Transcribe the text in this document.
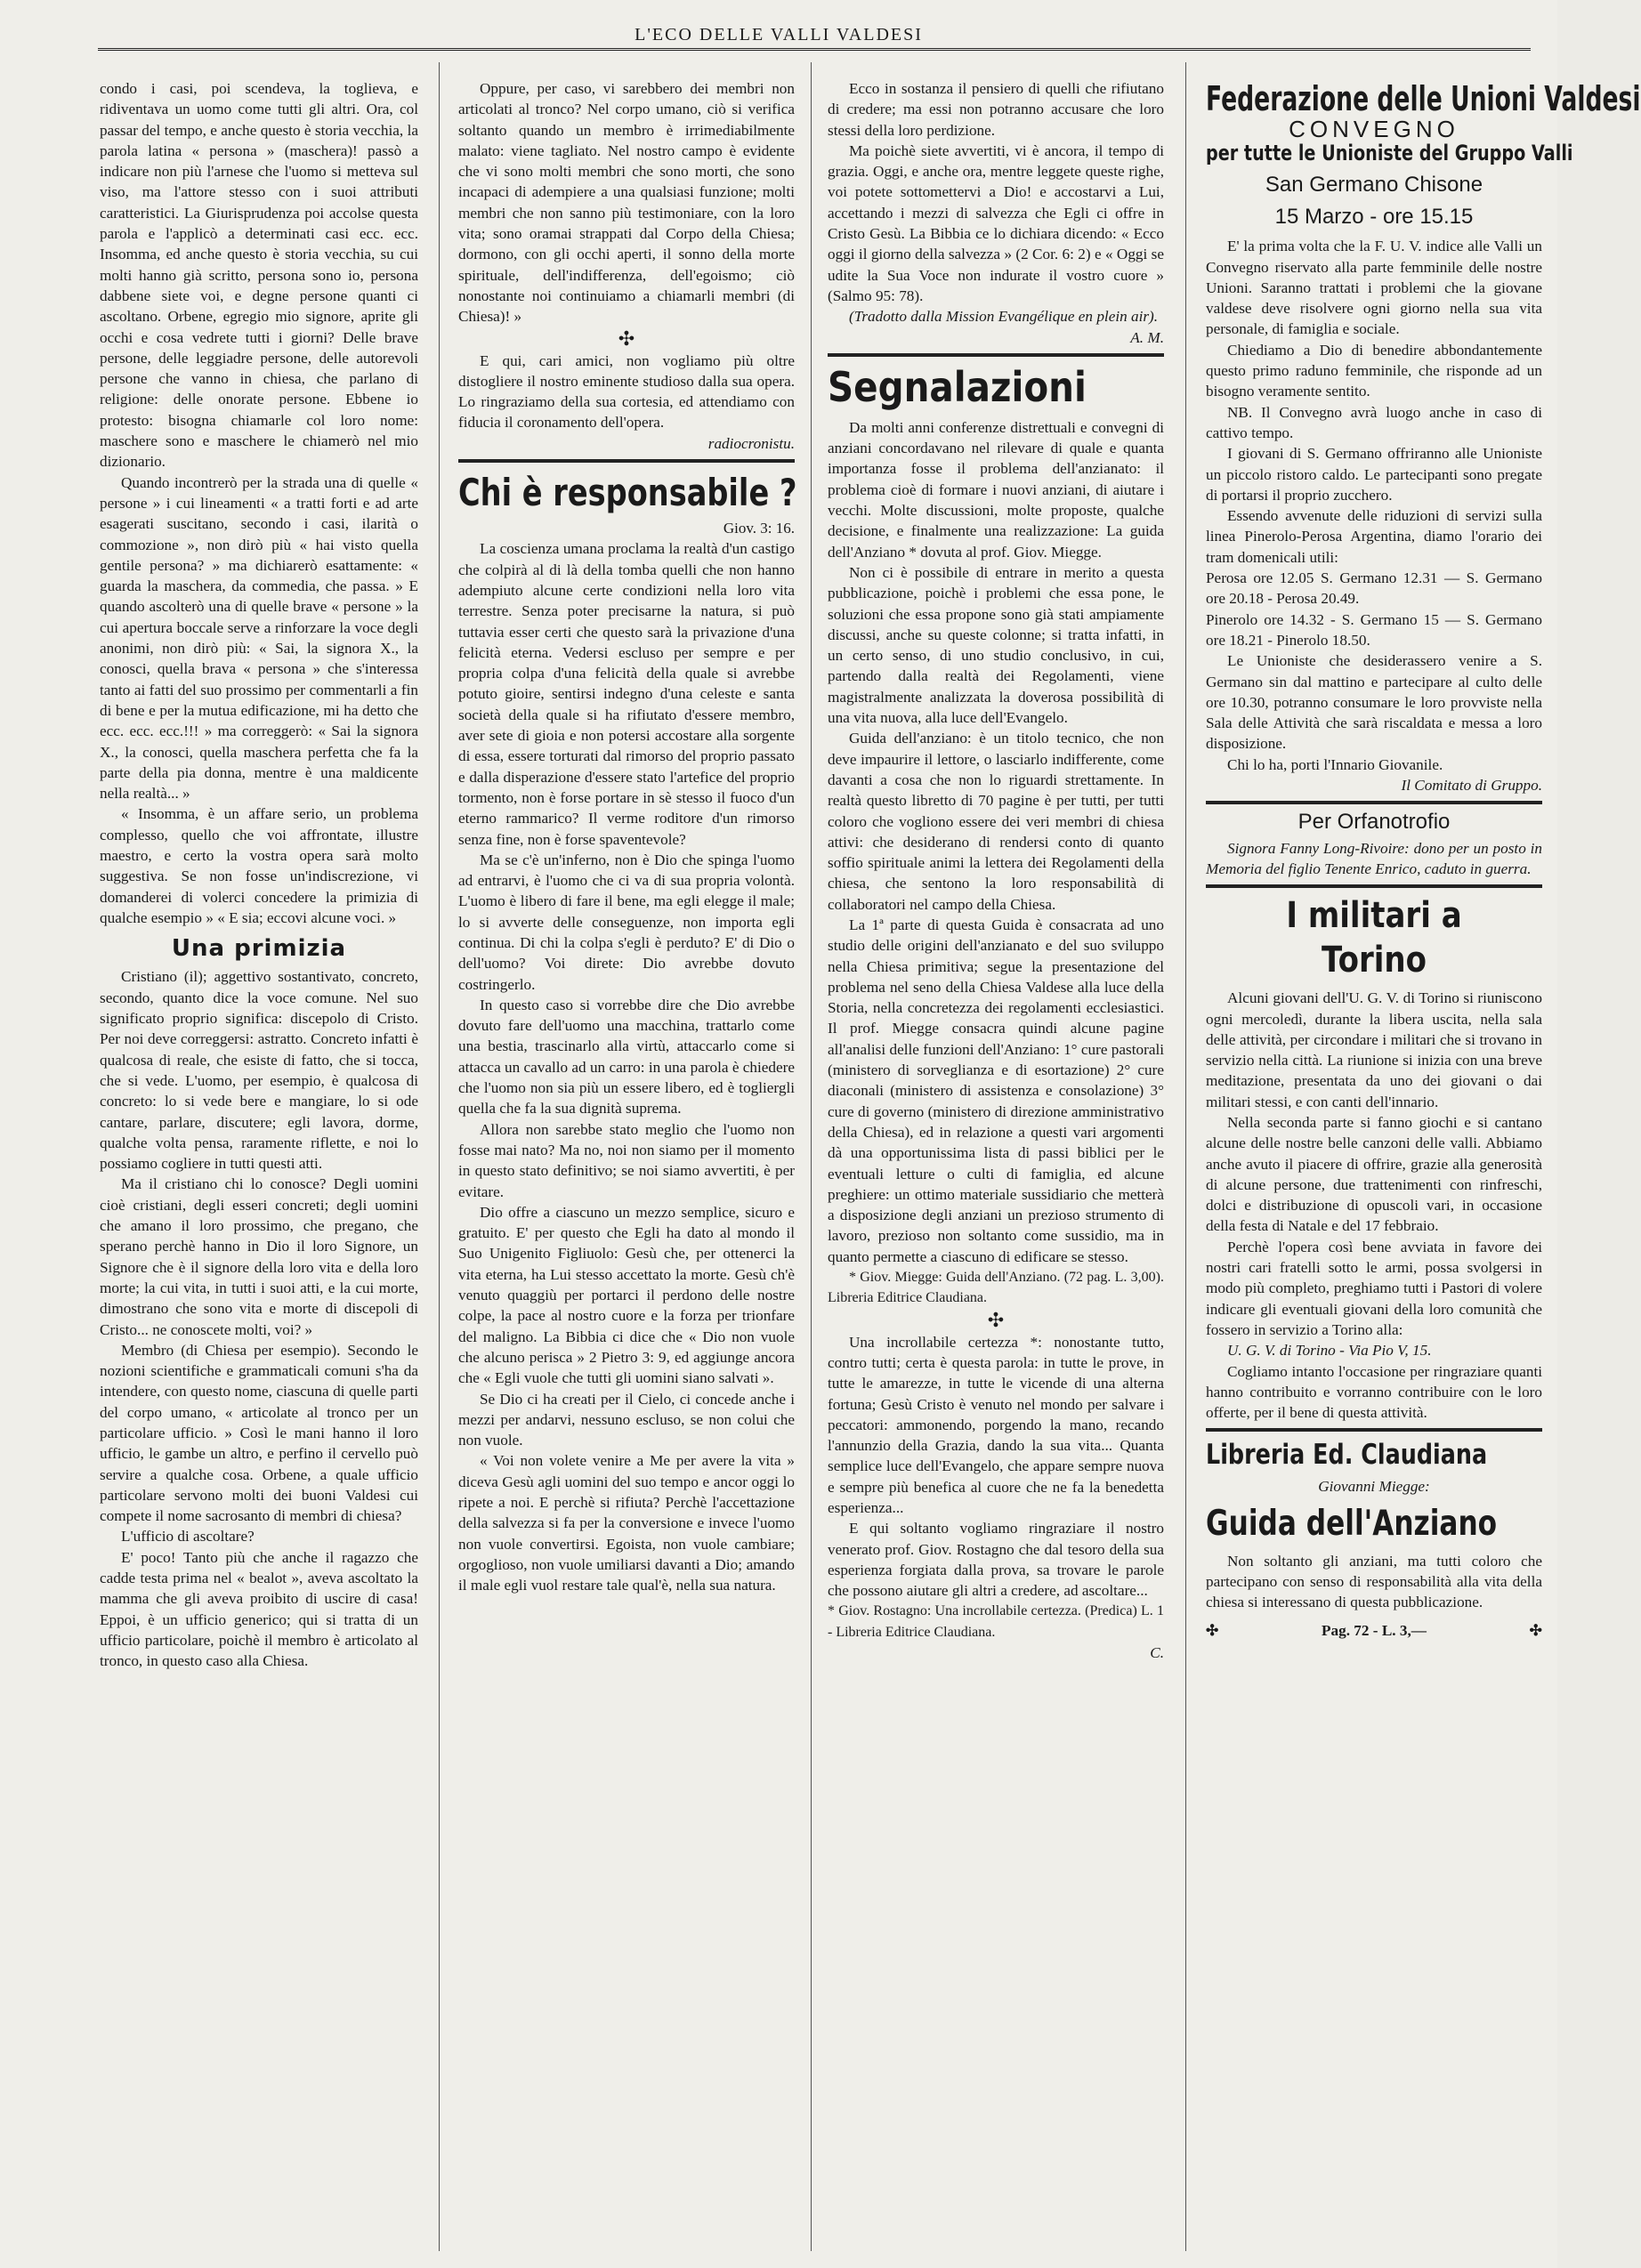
L'ECO DELLE VALLI VALDESI

condo i casi, poi scendeva, la toglieva, e ridiventava un uomo come tutti gli altri. Ora, col passar del tempo, e anche questo è storia vecchia, la parola latina « persona » (maschera)! passò a indicare non più l'arnese che l'uomo si metteva sul viso, ma l'attore stesso con i suoi attributi caratteristici. La Giurisprudenza poi accolse questa parola e l'applicò a determinati casi ecc. ecc. Insomma, ed anche questo è storia vecchia, su cui molti hanno già scritto, persona sono io, persona dabbene siete voi, e degne persone quanti ci ascoltano. Orbene, egregio mio signore, aprite gli occhi e cosa vedrete tutti i giorni? Delle brave persone, delle leggiadre persone, delle autorevoli persone che vanno in chiesa, che parlano di religione: delle onorate persone. Ebbene io protesto: bisogna chiamarle col loro nome: maschere sono e maschere le chiamerò nel mio dizionario.

Quando incontrerò per la strada una di quelle « persone » i cui lineamenti « a tratti forti e ad arte esagerati suscitano, secondo i casi, ilarità o commozione », non dirò più « hai visto quella gentile persona? » ma dichiarerò esattamente: « guarda la maschera, da commedia, che passa. » E quando ascolterò una di quelle brave « persone » la cui apertura boccale serve a rinforzare la voce degli anonimi, non dirò più: « Sai, la signora X., la conosci, quella brava « persona » che s'interessa tanto ai fatti del suo prossimo per commentarli a fin di bene e per la mutua edificazione, mi ha detto che ecc. ecc. ecc.!!! » ma correggerò: « Sai la signora X., la conosci, quella maschera perfetta che fa la parte della pia donna, mentre è una maldicente nella realtà... »

« Insomma, è un affare serio, un problema complesso, quello che voi affrontate, illustre maestro, e certo la vostra opera sarà molto suggestiva. Se non fosse un'indiscrezione, vi domanderei di volerci concedere la primizia di qualche esempio » « E sia; eccovi alcune voci. »

Una primizia

Cristiano (il); aggettivo sostantivato, concreto, secondo, quanto dice la voce comune. Nel suo significato proprio significa: discepolo di Cristo. Per noi deve correggersi: astratto. Concreto infatti è qualcosa di reale, che esiste di fatto, che si tocca, che si vede. L'uomo, per esempio, è qualcosa di concreto: lo si vede bere e mangiare, lo si ode cantare, parlare, discutere; egli lavora, dorme, qualche volta pensa, raramente riflette, e noi lo possiamo cogliere in tutti questi atti.

Ma il cristiano chi lo conosce? Degli uomini cioè cristiani, degli esseri concreti; degli uomini che amano il loro prossimo, che pregano, che sperano perchè hanno in Dio il loro Signore, un Signore che è il signore della loro vita e della loro morte; la cui vita, in tutti i suoi atti, e la cui morte, dimostrano che sono vita e morte di discepoli di Cristo... ne conoscete molti, voi? »

Membro (di Chiesa per esempio). Secondo le nozioni scientifiche e grammaticali comuni s'ha da intendere, con questo nome, ciascuna di quelle parti del corpo umano, « articolate al tronco per un particolare ufficio. » Così le mani hanno il loro ufficio, le gambe un altro, e perfino il cervello può servire a qualche cosa. Orbene, a quale ufficio particolare servono molti dei buoni Valdesi cui compete il nome sacrosanto di membri di chiesa?

L'ufficio di ascoltare?

E' poco! Tanto più che anche il ragazzo che cadde testa prima nel « bealot », aveva ascoltato la mamma che gli aveva proibito di uscire di casa! Eppoi, è un ufficio generico; qui si tratta di un ufficio particolare, poichè il membro è articolato al tronco, in questo caso alla Chiesa.

Oppure, per caso, vi sarebbero dei membri non articolati al tronco? Nel corpo umano, ciò si verifica soltanto quando un membro è irrimediabilmente malato: viene tagliato. Nel nostro campo è evidente che vi sono molti membri che sono morti, che sono incapaci di adempiere a una qualsiasi funzione; molti membri che non sanno più testimoniare, con la loro vita; sono oramai strappati dal Corpo della Chiesa; dormono, con gli occhi aperti, il sonno della morte spirituale, dell'indifferenza, dell'egoismo; ciò nonostante noi continuiamo a chiamarli membri (di Chiesa)! »

✣

E qui, cari amici, non vogliamo più oltre distogliere il nostro eminente studioso dalla sua opera. Lo ringraziamo della sua cortesia, ed attendiamo con fiducia il coronamento dell'opera.

radiocronistu.
Chi è responsabile ?
Giov. 3: 16.

La coscienza umana proclama la realtà d'un castigo che colpirà al di là della tomba quelli che non hanno adempiuto alcune certe condizioni nella loro vita terrestre. Senza poter precisarne la natura, si può tuttavia esser certi che questo sarà la privazione d'una felicità eterna. Vedersi escluso per sempre e per propria colpa d'una felicità della quale si avrebbe potuto gioire, sentirsi indegno d'una celeste e santa società della quale si ha rifiutato d'essere membro, aver sete di gioia e non potersi accostare alla sorgente di essa, essere torturati dal rimorso del proprio passato e dalla disperazione d'essere stato l'artefice del proprio tormento, non è forse portare in sè stesso il fuoco d'un eterno rammarico? Il verme roditore d'un rimorso senza fine, non è forse spaventevole?

Ma se c'è un'inferno, non è Dio che spinga l'uomo ad entrarvi, è l'uomo che ci va di sua propria volontà. L'uomo è libero di fare il bene, ma egli elegge il male; lo si avverte delle conseguenze, non importa egli continua. Di chi la colpa s'egli è perduto? E' di Dio o dell'uomo? Voi direte: Dio avrebbe dovuto costringerlo.

In questo caso si vorrebbe dire che Dio avrebbe dovuto fare dell'uomo una macchina, trattarlo come una bestia, trascinarlo alla virtù, attaccarlo come si attacca un cavallo ad un carro: in una parola è chiedere che l'uomo non sia più un essere libero, ed è togliergli quella che fa la sua dignità suprema.

Allora non sarebbe stato meglio che l'uomo non fosse mai nato? Ma no, noi non siamo per il momento in questo stato definitivo; se noi siamo avvertiti, è per evitare.

Dio offre a ciascuno un mezzo semplice, sicuro e gratuito. E' per questo che Egli ha dato al mondo il Suo Unigenito Figliuolo: Gesù che, per ottenerci la vita eterna, ha Lui stesso accettato la morte. Gesù ch'è venuto quaggiù per portarci il perdono delle nostre colpe, la pace al nostro cuore e la forza per trionfare del maligno. La Bibbia ci dice che « Dio non vuole che alcuno perisca » 2 Pietro 3: 9, ed aggiunge ancora che « Egli vuole che tutti gli uomini siano salvati ».

Se Dio ci ha creati per il Cielo, ci concede anche i mezzi per andarvi, nessuno escluso, se non colui che non vuole.

« Voi non volete venire a Me per avere la vita » diceva Gesù agli uomini del suo tempo e ancor oggi lo ripete a noi. E perchè si rifiuta? Perchè l'accettazione della salvezza si fa per la conversione e invece l'uomo non vuole convertirsi. Egoista, non vuole cambiare; orgoglioso, non vuole umiliarsi davanti a Dio; amando il male egli vuol restare tale qual'è, nella sua natura.

Ecco in sostanza il pensiero di quelli che rifiutano di credere; ma essi non potranno accusare che loro stessi della loro perdizione.

Ma poichè siete avvertiti, vi è ancora, il tempo di grazia. Oggi, e anche ora, mentre leggete queste righe, voi potete sottomettervi a Dio! e accostarvi a Lui, accettando i mezzi di salvezza che Egli ci offre in Cristo Gesù. La Bibbia ce lo dichiara dicendo: « Ecco oggi il giorno della salvezza » (2 Cor. 6: 2) e « Oggi se udite la Sua Voce non indurate il vostro cuore » (Salmo 95: 78).

(Tradotto dalla Mission Evangélique en plein air).

A. M.
Segnalazioni

Da molti anni conferenze distrettuali e convegni di anziani concordavano nel rilevare di quale e quanta importanza fosse il problema dell'anzianato: il problema cioè di formare i nuovi anziani, di aiutare i vecchi. Molte discussioni, molte proposte, qualche decisione, e finalmente una realizzazione: La guida dell'Anziano * dovuta al prof. Giov. Miegge.

Non ci è possibile di entrare in merito a questa pubblicazione, poichè i problemi che essa pone, le soluzioni che essa propone sono già stati ampiamente discussi, anche su queste colonne; si tratta infatti, in un certo senso, di uno studio conclusivo, in cui, partendo dalla realtà dei Regolamenti, viene magistralmente analizzata la doverosa possibilità di una vita nuova, alla luce dell'Evangelo.

Guida dell'anziano: è un titolo tecnico, che non deve impaurire il lettore, o lasciarlo indifferente, come davanti a cosa che non lo riguardi strettamente. In realtà questo libretto di 70 pagine è per tutti, per tutti coloro che vogliono essere dei veri membri di chiesa attivi: che desiderano di rendersi conto di quanto soffio spirituale animi la lettera dei Regolamenti della chiesa, che sentono la loro responsabilità di collaboratori nel campo della Chiesa.

La 1ª parte di questa Guida è consacrata ad uno studio delle origini dell'anzianato e del suo sviluppo nella Chiesa primitiva; segue la presentazione del problema nel seno della Chiesa Valdese alla luce della Storia, nella concretezza dei regolamenti ecclesiastici. Il prof. Miegge consacra quindi alcune pagine all'analisi delle funzioni dell'Anziano: 1° cure pastorali (ministero di sorveglianza e di esortazione) 2° cure diaconali (ministero di assistenza e consolazione) 3° cure di governo (ministero di direzione amministrativo della Chiesa), ed in relazione a questi vari argomenti dà una opportunissima lista di passi biblici per le eventuali letture o culti di famiglia, ed alcune preghiere: un ottimo materiale sussidiario che metterà a disposizione degli anziani un prezioso strumento di lavoro, prezioso non soltanto come sussidio, ma in quanto permette a ciascuno di edificare se stesso.

* Giov. Miegge: Guida dell'Anziano. (72 pag. L. 3,00). Libreria Editrice Claudiana.

✣

Una incrollabile certezza *: nonostante tutto, contro tutti; certa è questa parola: in tutte le prove, in tutte le amarezze, in tutte le vicende di una alterna fortuna; Gesù Cristo è venuto nel mondo per salvare i peccatori: ammonendo, porgendo la mano, recando l'annunzio della Grazia, dando la sua vita... Quanta semplice luce dell'Evangelo, che appare sempre nuova e sempre più benefica al cuore che ne fa la benedetta esperienza...

E qui soltanto vogliamo ringraziare il nostro venerato prof. Giov. Rostagno che dal tesoro della sua esperienza forgiata dalla prova, sa trovare le parole che possono aiutare gli altri a credere, ad ascoltare...

* Giov. Rostagno: Una incrollabile certezza. (Predica) L. 1 - Libreria Editrice Claudiana.

C.
Federazione delle Unioni Valdesi
CONVEGNO
per tutte le Unioniste del Gruppo Valli
San Germano Chisone
15 Marzo - ore 15.15

E' la prima volta che la F. U. V. indice alle Valli un Convegno riservato alla parte femminile delle nostre Unioni. Saranno trattati i problemi che la giovane valdese deve risolvere ogni giorno nella sua vita personale, di famiglia e sociale.

Chiediamo a Dio di benedire abbondantemente questo primo raduno femminile, che risponde ad un bisogno veramente sentito.

NB. Il Convegno avrà luogo anche in caso di cattivo tempo.

I giovani di S. Germano offriranno alle Unioniste un piccolo ristoro caldo. Le partecipanti sono pregate di portarsi il proprio zucchero.

Essendo avvenute delle riduzioni di servizi sulla linea Pinerolo-Perosa Argentina, diamo l'orario dei tram domenicali utili:

Perosa ore 12.05 S. Germano 12.31 — S. Germano ore 20.18 - Perosa 20.49.

Pinerolo ore 14.32 - S. Germano 15 — S. Germano ore 18.21 - Pinerolo 18.50.

Le Unioniste che desiderassero venire a S. Germano sin dal mattino e partecipare al culto delle ore 10.30, potranno consumare le loro provviste nella Sala delle Attività che sarà riscaldata e messa a loro disposizione.

Chi lo ha, porti l'Innario Giovanile.

Il Comitato di Gruppo.
Per Orfanotrofio

Signora Fanny Long-Rivoire: dono per un posto in Memoria del figlio Tenente Enrico, caduto in guerra.

I militari a Torino

Alcuni giovani dell'U. G. V. di Torino si riuniscono ogni mercoledì, durante la libera uscita, nella sala delle attività, per circondare i militari che si trovano in servizio nella città. La riunione si inizia con una breve meditazione, presentata da uno dei giovani o dai militari stessi, e con canti dell'innario.

Nella seconda parte si fanno giochi e si cantano alcune delle nostre belle canzoni delle valli. Abbiamo anche avuto il piacere di offrire, grazie alla generosità di alcune persone, due trattenimenti con rinfreschi, dolci e distribuzione di opuscoli vari, in occasione della festa di Natale e del 17 febbraio.

Perchè l'opera così bene avviata in favore dei nostri cari fratelli sotto le armi, possa svolgersi in modo più completo, preghiamo tutti i Pastori di volere indicare gli eventuali giovani della loro comunità che fossero in servizio a Torino alla:

U. G. V. di Torino - Via Pio V, 15.

Cogliamo intanto l'occasione per ringraziare quanti hanno contribuito e vorranno contribuire con le loro offerte, per il bene di questa attività.

Libreria Ed. Claudiana
Giovanni Miegge:
Guida dell'Anziano

Non soltanto gli anziani, ma tutti coloro che partecipano con senso di responsabilità alla vita della chiesa si interessano di questa pubblicazione.

✣	Pag. 72 - L. 3,—	✣
